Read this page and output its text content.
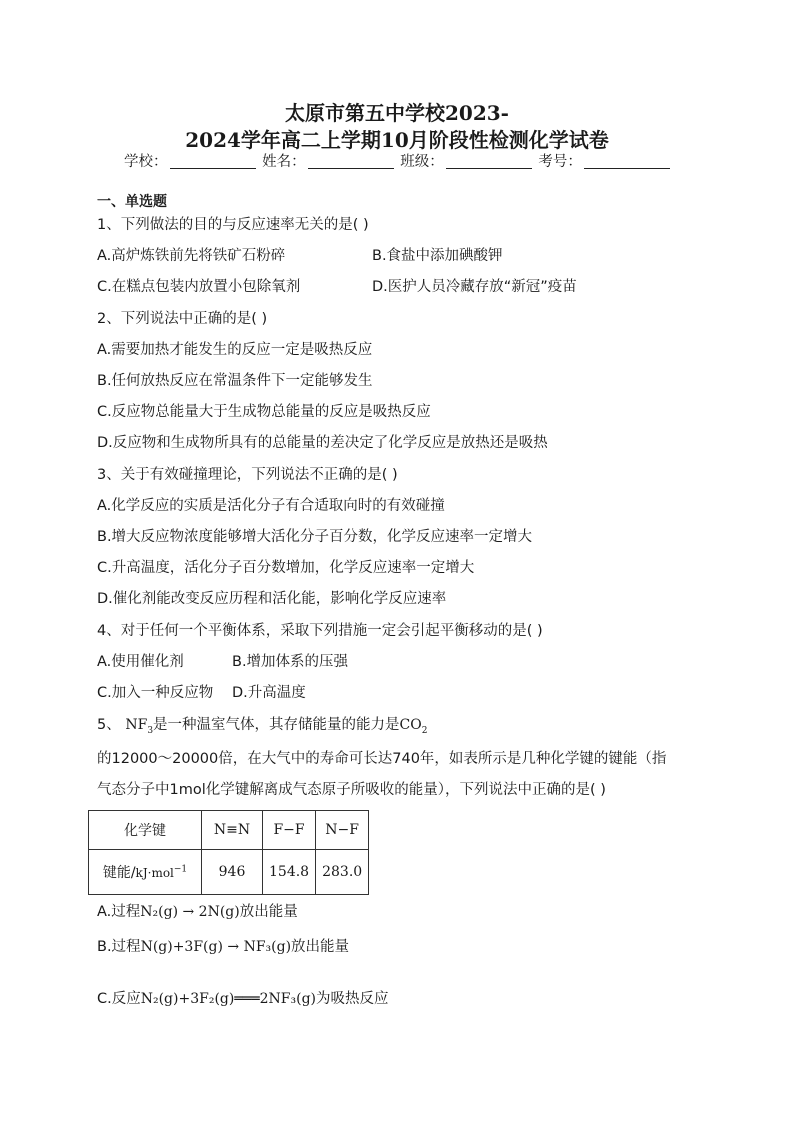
太原市第五中学校2023-
2024学年高二上学期10月阶段性检测化学试卷
学校：	姓名：	班级：	考号：
一、单选题
1、下列做法的目的与反应速率无关的是( )
A.高炉炼铁前先将铁矿石粉碎	B.食盐中添加碘酸钾
C.在糕点包装内放置小包除氧剂	D.医护人员冷藏存放“新冠”疫苗
2、下列说法中正确的是( )
A.需要加热才能发生的反应一定是吸热反应
B.任何放热反应在常温条件下一定能够发生
C.反应物总能量大于生成物总能量的反应是吸热反应
D.反应物和生成物所具有的总能量的差决定了化学反应是放热还是吸热
3、关于有效碰撞理论，下列说法不正确的是( )
A.化学反应的实质是活化分子有合适取向时的有效碰撞
B.增大反应物浓度能够增大活化分子百分数，化学反应速率一定增大
C.升高温度，活化分子百分数增加，化学反应速率一定增大
D.催化剂能改变反应历程和活化能，影响化学反应速率
4、对于任何一个平衡体系，采取下列措施一定会引起平衡移动的是( )
A.使用催化剂	B.增加体系的压强
C.加入一种反应物 D.升高温度
5、 $NF_3$是一种温室气体，其存储能量的能力是$CO_2$
的12000～20000倍，在大气中的寿命可长达740年，如表所示是几种化学键的键能（指
气态分子中1mol化学键解离成气态原子所吸收的能量），下列说法中正确的是( )
化学键	N≡N	F−F	N−F
键能/kJ·mol$^{-1}$	946	154.8	283.0
A.过程N₂(g) → 2N(g)放出能量
B.过程N(g)+3F(g) → NF₃(g)放出能量
C.反应N₂(g)+3F₂(g)═══2NF₃(g)为吸热反应
